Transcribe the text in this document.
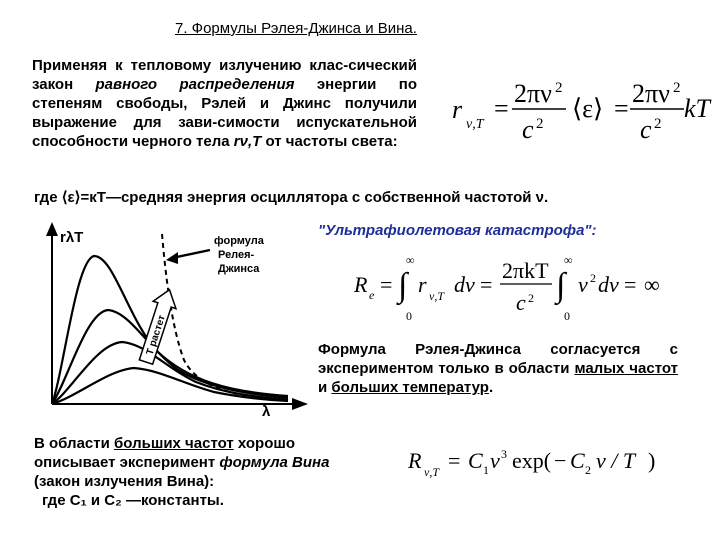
7. Формулы Рэлея-Джинса и Вина.
Применяя к тепловому излучению клас-сический закон равного распределения энергии по степеням свободы, Рэлей и Джинс получили выражение для зави-симости испускательной способности черного тела rν,T от частоты света:
r
ν,T
=
2πν 2
c 2
⟨ε⟩ =
2πν 2
c 2
kT
где ⟨ε⟩=кT—средняя энергия осциллятора с собственной частотой ν.
rλT
λ
формула
Релея-
Джинса
T растет
"Ультрафиолетовая катастрофа":
R e = ∫
∞
0
r ν,T dν =
2πkT
c 2 ∫
∞
0
ν 2 dν = ∞
Формула Рэлея-Джинса согласуется с экспериментом только в области малых частот и больших температур.
В области больших частот хорошо описывает эксперимент формула Вина (закон излучения Вина):
где C₁ и C₂ —константы.
R ν,T = C 1 ν 3 exp( − C 2 ν / T )
